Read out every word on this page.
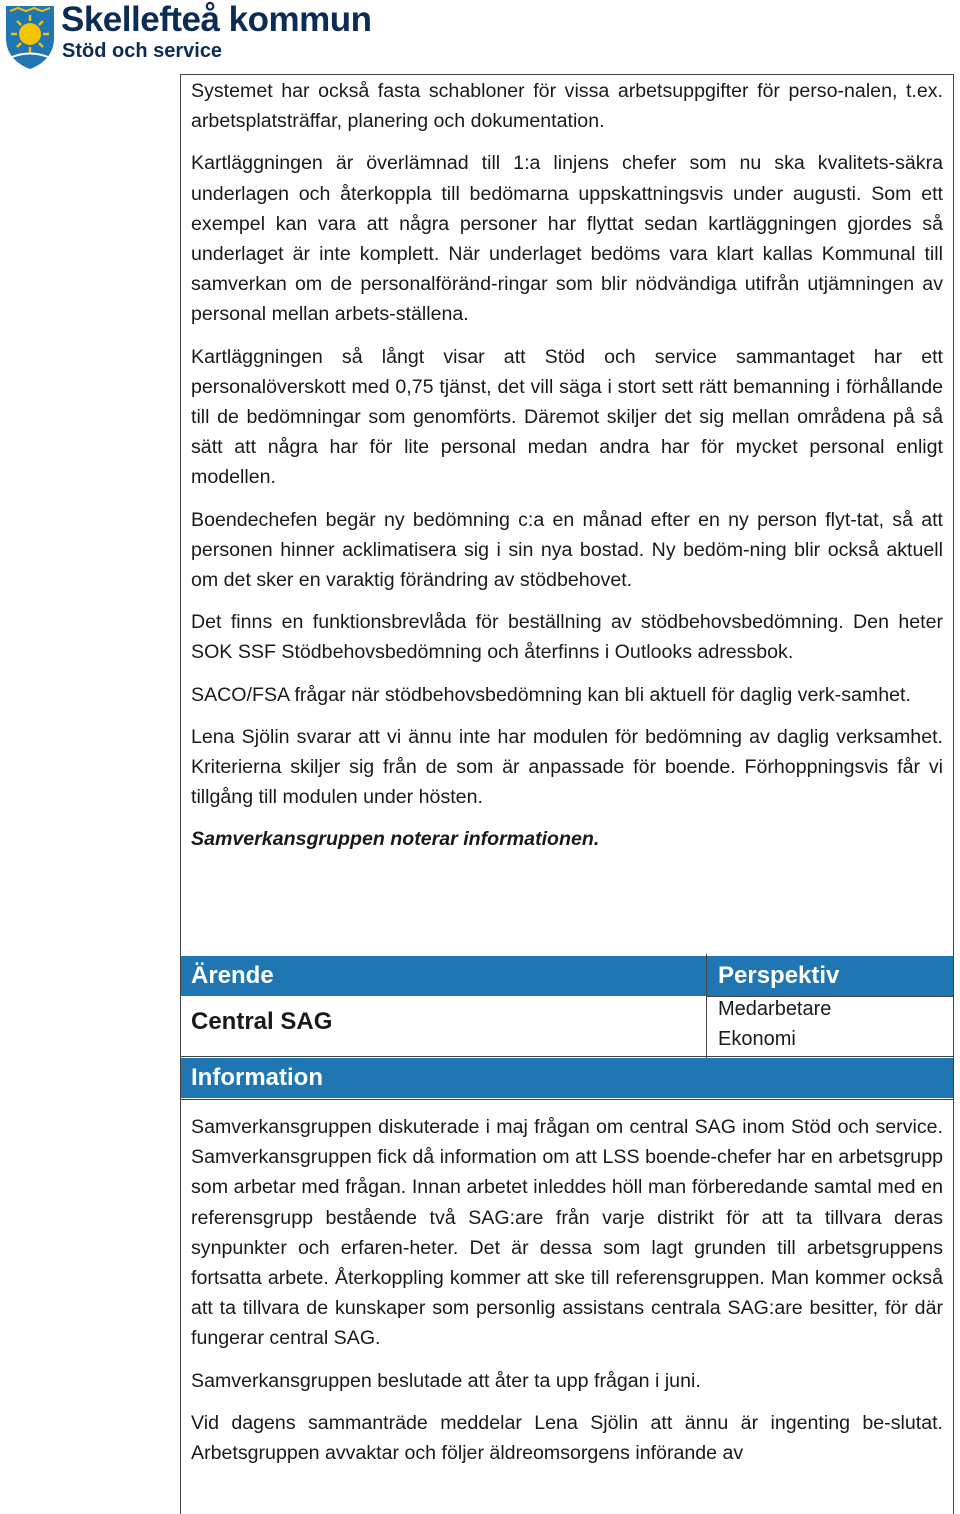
Skellefteå kommun
Stöd och service

Systemet har också fasta schabloner för vissa arbetsuppgifter för perso-nalen, t.ex. arbetsplatsträffar, planering och dokumentation.

Kartläggningen är överlämnad till 1:a linjens chefer som nu ska kvalitets-säkra underlagen och återkoppla till bedömarna uppskattningsvis under augusti. Som ett exempel kan vara att några personer har flyttat sedan kartläggningen gjordes så underlaget är inte komplett. När underlaget bedöms vara klart kallas Kommunal till samverkan om de personalföränd-ringar som blir nödvändiga utifrån utjämningen av personal mellan arbets-ställena.

Kartläggningen så långt visar att Stöd och service sammantaget har ett personalöverskott med 0,75 tjänst, det vill säga i stort sett rätt bemanning i förhållande till de bedömningar som genomförts. Däremot skiljer det sig mellan områdena på så sätt att några har för lite personal medan andra har för mycket personal enligt modellen.

Boendechefen begär ny bedömning c:a en månad efter en ny person flyt-tat, så att personen hinner acklimatisera sig i sin nya bostad. Ny bedöm-ning blir också aktuell om det sker en varaktig förändring av stödbehovet.

Det finns en funktionsbrevlåda för beställning av stödbehovsbedömning. Den heter SOK SSF Stödbehovsbedömning och återfinns i Outlooks adressbok.

SACO/FSA frågar när stödbehovsbedömning kan bli aktuell för daglig verk-samhet.

Lena Sjölin svarar att vi ännu inte har modulen för bedömning av daglig verksamhet. Kriterierna skiljer sig från de som är anpassade för boende. Förhoppningsvis får vi tillgång till modulen under hösten.

Samverkansgruppen noterar informationen.

Ärende	Perspektiv
Central SAG	Medarbetare
Ekonomi
Information

Samverkansgruppen diskuterade i maj frågan om central SAG inom Stöd och service. Samverkansgruppen fick då information om att LSS boende-chefer har en arbetsgrupp som arbetar med frågan. Innan arbetet inleddes höll man förberedande samtal med en referensgrupp bestående två SAG:are från varje distrikt för att ta tillvara deras synpunkter och erfaren-heter. Det är dessa som lagt grunden till arbetsgruppens fortsatta arbete. Återkoppling kommer att ske till referensgruppen. Man kommer också att ta tillvara de kunskaper som personlig assistans centrala SAG:are besitter, för där fungerar central SAG.

Samverkansgruppen beslutade att åter ta upp frågan i juni.

Vid dagens sammanträde meddelar Lena Sjölin att ännu är ingenting be-slutat. Arbetsgruppen avvaktar och följer äldreomsorgens införande av
